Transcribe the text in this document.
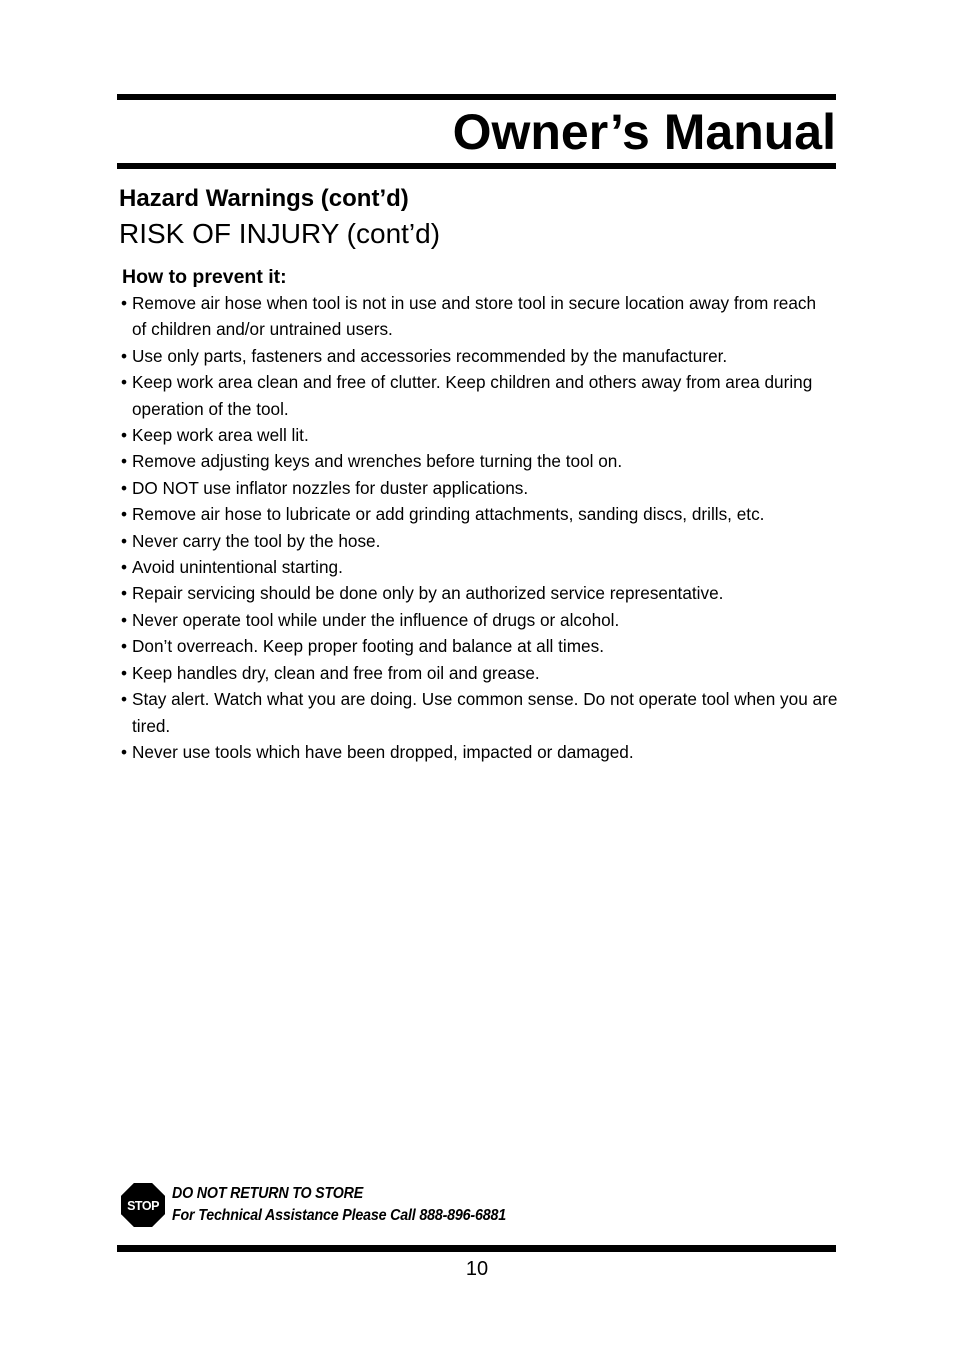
Owner’s Manual
Hazard Warnings (cont’d)
RISK OF INJURY (cont’d)
How to prevent it:
• Remove air hose when tool is not in use and store tool in secure location away from reach of children and/or untrained users.
• Use only parts, fasteners and accessories recommended by the manufacturer.
• Keep work area clean and free of clutter. Keep children and others away from area during operation of the tool.
• Keep work area well lit.
• Remove adjusting keys and wrenches before turning the tool on.
• DO NOT use inflator nozzles for duster applications.
• Remove air hose to lubricate or add grinding attachments, sanding discs, drills, etc.
• Never carry the tool by the hose.
• Avoid unintentional starting.
• Repair servicing should be done only by an authorized service representative.
• Never operate tool while under the influence of drugs or alcohol.
• Don’t overreach. Keep proper footing and balance at all times.
• Keep handles dry, clean and free from oil and grease.
• Stay alert. Watch what you are doing. Use common sense. Do not operate tool when you are tired.
• Never use tools which have been dropped, impacted or damaged.
STOP
DO NOT RETURN TO STORE
For Technical Assistance Please Call 888-896-6881
10
